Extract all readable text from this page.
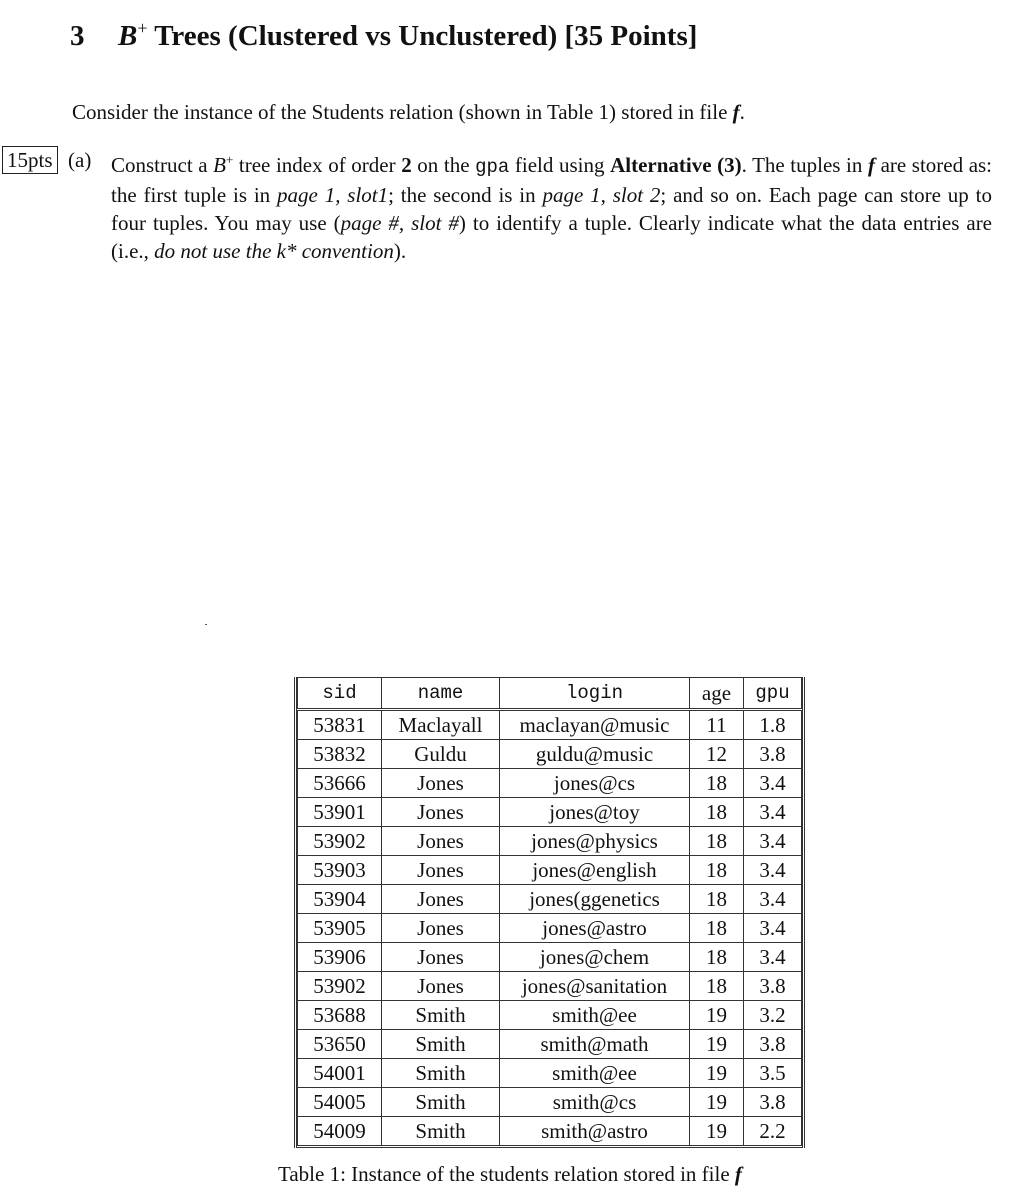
3 B+ Trees (Clustered vs Unclustered) [35 Points]
Consider the instance of the Students relation (shown in Table 1) stored in file f.
15pts (a) Construct a B+ tree index of order 2 on the gpa field using Alternative (3). The tuples in f are stored as: the first tuple is in page 1, slot1; the second is in page 1, slot 2; and so on. Each page can store up to four tuples. You may use (page #, slot #) to identify a tuple. Clearly indicate what the data entries are (i.e., do not use the k* convention).
sid	name	login	age	gpu
53831	Maclayall	maclayan@music	11	1.8
53832	Guldu	guldu@music	12	3.8
53666	Jones	jones@cs	18	3.4
53901	Jones	jones@toy	18	3.4
53902	Jones	jones@physics	18	3.4
53903	Jones	jones@english	18	3.4
53904	Jones	jones(ggenetics	18	3.4
53905	Jones	jones@astro	18	3.4
53906	Jones	jones@chem	18	3.4
53902	Jones	jones@sanitation	18	3.8
53688	Smith	smith@ee	19	3.2
53650	Smith	smith@math	19	3.8
54001	Smith	smith@ee	19	3.5
54005	Smith	smith@cs	19	3.8
54009	Smith	smith@astro	19	2.2
Table 1: Instance of the students relation stored in file f
